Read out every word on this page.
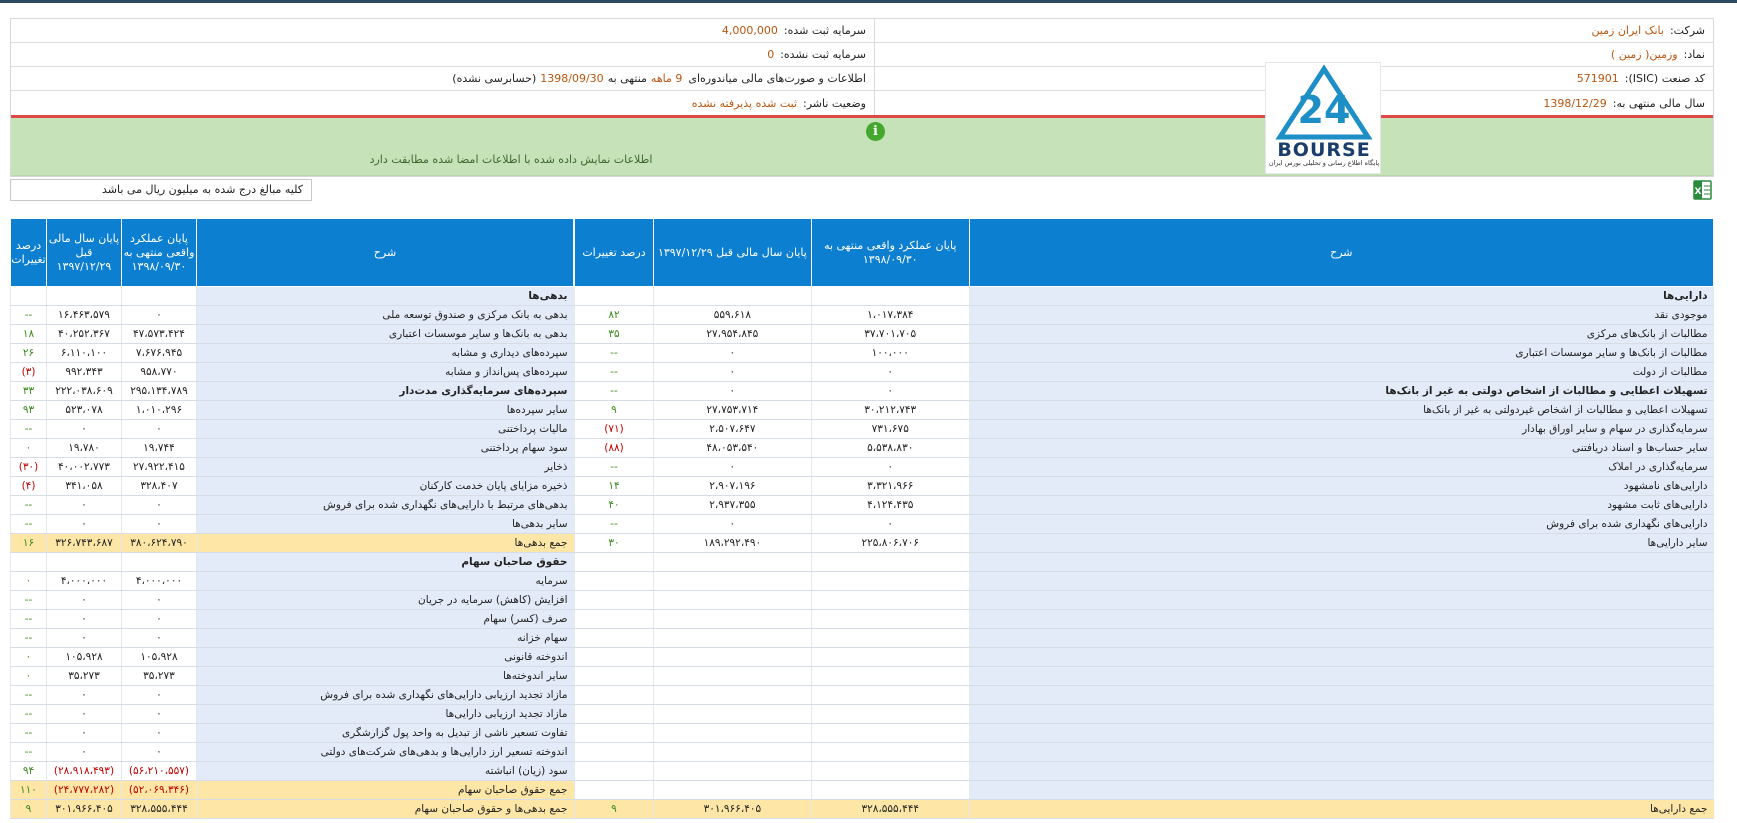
شرکت:
بانک ایران زمین
سرمایه ثبت شده:
4,000,000
نماد:
وزمین( زمین )
سرمایه ثبت نشده:
0
کد صنعت (ISIC):
571901
اطلاعات و صورت‌های مالی میاندوره‌ای
9 ماهه
منتهی به
1398/09/30
(حسابرسی نشده)
سال مالی منتهی به:
1398/12/29
وضعیت ناشر:
ثبت شده پذیرفته نشده
i
اطلاعات نمایش داده شده با اطلاعات امضا شده مطابقت دارد
24
BOURSE
پایگاه اطلاع رسانی و تحلیلی بورس ایران
کلیه مبالغ درج شده به میلیون ریال می باشد	X
شرح	پایان عملکرد واقعی منتهی به ۱۳۹۸/۰۹/۳۰	پایان سال مالی قبل ۱۳۹۷/۱۲/۲۹	درصد تغییرات
دارایی‌ها			
موجودی نقد	۱،۰۱۷،۳۸۴	۵۵۹،۶۱۸	۸۲
مطالبات از بانک‌های مرکزی	۳۷،۷۰۱،۷۰۵	۲۷،۹۵۴،۸۴۵	۳۵
مطالبات از بانک‌ها و سایر موسسات اعتباری	۱۰۰،۰۰۰	۰	--
مطالبات از دولت	۰	۰	--
تسهیلات اعطایی و مطالبات از اشخاص دولتی به غیر از بانک‌ها	۰	۰	--
تسهیلات اعطایی و مطالبات از اشخاص غیردولتی به غیر از بانک‌ها	۳۰،۲۱۲،۷۴۳	۲۷،۷۵۳،۷۱۴	۹
سرمایه‌گذاری در سهام و سایر اوراق بهادار	۷۳۱،۶۷۵	۲،۵۰۷،۶۴۷	(۷۱)
سایر حساب‌ها و اسناد دریافتنی	۵،۵۳۸،۸۳۰	۴۸،۰۵۳،۵۴۰	(۸۸)
سرمایه‌گذاری در املاک	۰	۰	--
دارایی‌های نامشهود	۳،۳۲۱،۹۶۶	۲،۹۰۷،۱۹۶	۱۴
دارایی‌های ثابت مشهود	۴،۱۲۴،۴۳۵	۲،۹۳۷،۳۵۵	۴۰
دارایی‌های نگهداری شده برای فروش	۰	۰	--
سایر دارایی‌ها	۲۲۵،۸۰۶،۷۰۶	۱۸۹،۲۹۲،۴۹۰	۳۰

جمع دارایی‌ها	۳۲۸،۵۵۵،۴۴۴	۳۰۱،۹۶۶،۴۰۵	۹
شرح	پایان عملکرد واقعی منتهی به ۱۳۹۸/۰۹/۳۰	پایان سال مالی قبل ۱۳۹۷/۱۲/۲۹	درصد تغییرات
بدهی‌ها			
بدهی به بانک مرکزی و صندوق توسعه ملی	۰	۱۶،۴۶۳،۵۷۹	--
بدهی به بانک‌ها و سایر موسسات اعتباری	۴۷،۵۷۳،۴۲۴	۴۰،۲۵۲،۳۶۷	۱۸
سپرده‌های دیداری و مشابه	۷،۶۷۶،۹۴۵	۶،۱۱۰،۱۰۰	۲۶
سپرده‌های پس‌انداز و مشابه	۹۵۸،۷۷۰	۹۹۲،۳۴۳	(۳)
سپرده‌های سرمایه‌گذاری مدت‌دار	۲۹۵،۱۳۴،۷۸۹	۲۲۲،۰۳۸،۶۰۹	۳۳
سایر سپرده‌ها	۱،۰۱۰،۲۹۶	۵۲۳،۰۷۸	۹۳
مالیات پرداختنی	۰	۰	--
سود سهام پرداختنی	۱۹،۷۴۴	۱۹،۷۸۰	۰
ذخایر	۲۷،۹۲۲،۴۱۵	۴۰،۰۰۲،۷۷۳	(۳۰)
ذخیره مزایای پایان خدمت کارکنان	۳۲۸،۴۰۷	۳۴۱،۰۵۸	(۴)
بدهی‌های مرتبط با دارایی‌های نگهداری شده برای فروش	۰	۰	--
سایر بدهی‌ها	۰	۰	--
جمع بدهی‌ها	۳۸۰،۶۲۴،۷۹۰	۳۲۶،۷۴۳،۶۸۷	۱۶
حقوق صاحبان سهام			
سرمایه	۴،۰۰۰،۰۰۰	۴،۰۰۰،۰۰۰	۰
افزایش (کاهش) سرمایه در جریان	۰	۰	--
صرف (کسر) سهام	۰	۰	--
سهام خزانه	۰	۰	--
اندوخته قانونی	۱۰۵،۹۲۸	۱۰۵،۹۲۸	۰
سایر اندوخته‌ها	۳۵،۲۷۳	۳۵،۲۷۳	۰
مازاد تجدید ارزیابی دارایی‌های نگهداری شده برای فروش	۰	۰	--
مازاد تجدید ارزیابی دارایی‌ها	۰	۰	--
تفاوت تسعیر ناشی از تبدیل به واحد پول گزارشگری	۰	۰	--
اندوخته تسعیر ارز دارایی‌ها و بدهی‌های شرکت‌های دولتی	۰	۰	--
سود (زیان) انباشته	(۵۶،۲۱۰،۵۵۷)	(۲۸،۹۱۸،۴۹۳)	۹۴
جمع حقوق صاحبان سهام	(۵۲،۰۶۹،۳۴۶)	(۲۴،۷۷۷،۲۸۲)	۱۱۰
جمع بدهی‌ها و حقوق صاحبان سهام	۳۲۸،۵۵۵،۴۴۴	۳۰۱،۹۶۶،۴۰۵	۹
